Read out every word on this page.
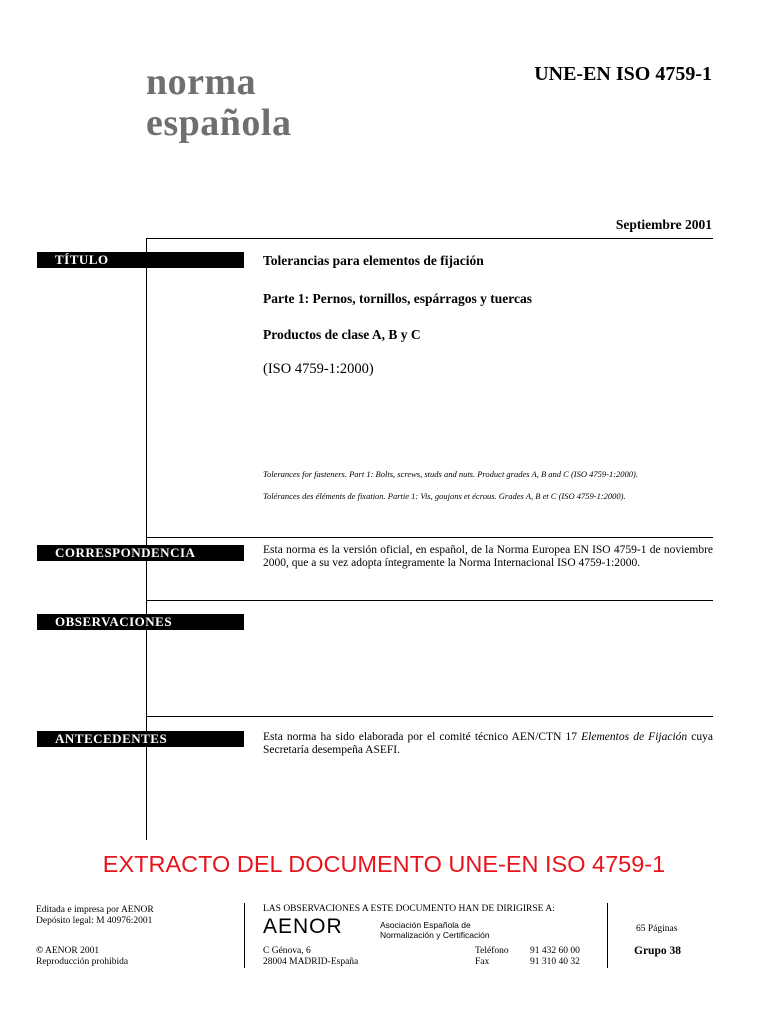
norma
española
UNE-EN ISO 4759-1
Septiembre 2001
TÍTULO	Tolerancias para elementos de fijación
Parte 1: Pernos, tornillos, espárragos y tuercas
Productos de clase A, B y C
(ISO 4759-1:2000)
Tolerances for fasteners. Part 1: Bolts, screws, studs and nuts. Product grades A, B and C (ISO 4759-1:2000).
Tolérances des éléments de fixation. Partie 1: Vis, goujons et écrous. Grades A, B et C (ISO 4759-1:2000).
CORRESPONDENCIA	Esta norma es la versión oficial, en español, de la Norma Europea EN ISO 4759-1 de noviembre 2000, que a su vez adopta íntegramente la Norma Internacional ISO 4759-1:2000.
OBSERVACIONES
ANTECEDENTES	Esta norma ha sido elaborada por el comité técnico AEN/CTN 17 Elementos de Fijación cuya Secretaría desempeña ASEFI.
EXTRACTO DEL DOCUMENTO UNE-EN ISO 4759-1
Editada e impresa por AENOR
Depósito legal: M 40976:2001
© AENOR 2001
Reproducción prohibida
LAS OBSERVACIONES A ESTE DOCUMENTO HAN DE DIRIGIRSE A:
AENOR	Asociación Española de
Normalización y Certificación
C Génova, 6
28004 MADRID-España
Teléfono 91 432 60 00
Fax	91 310 40 32
65 Páginas
Grupo 38
